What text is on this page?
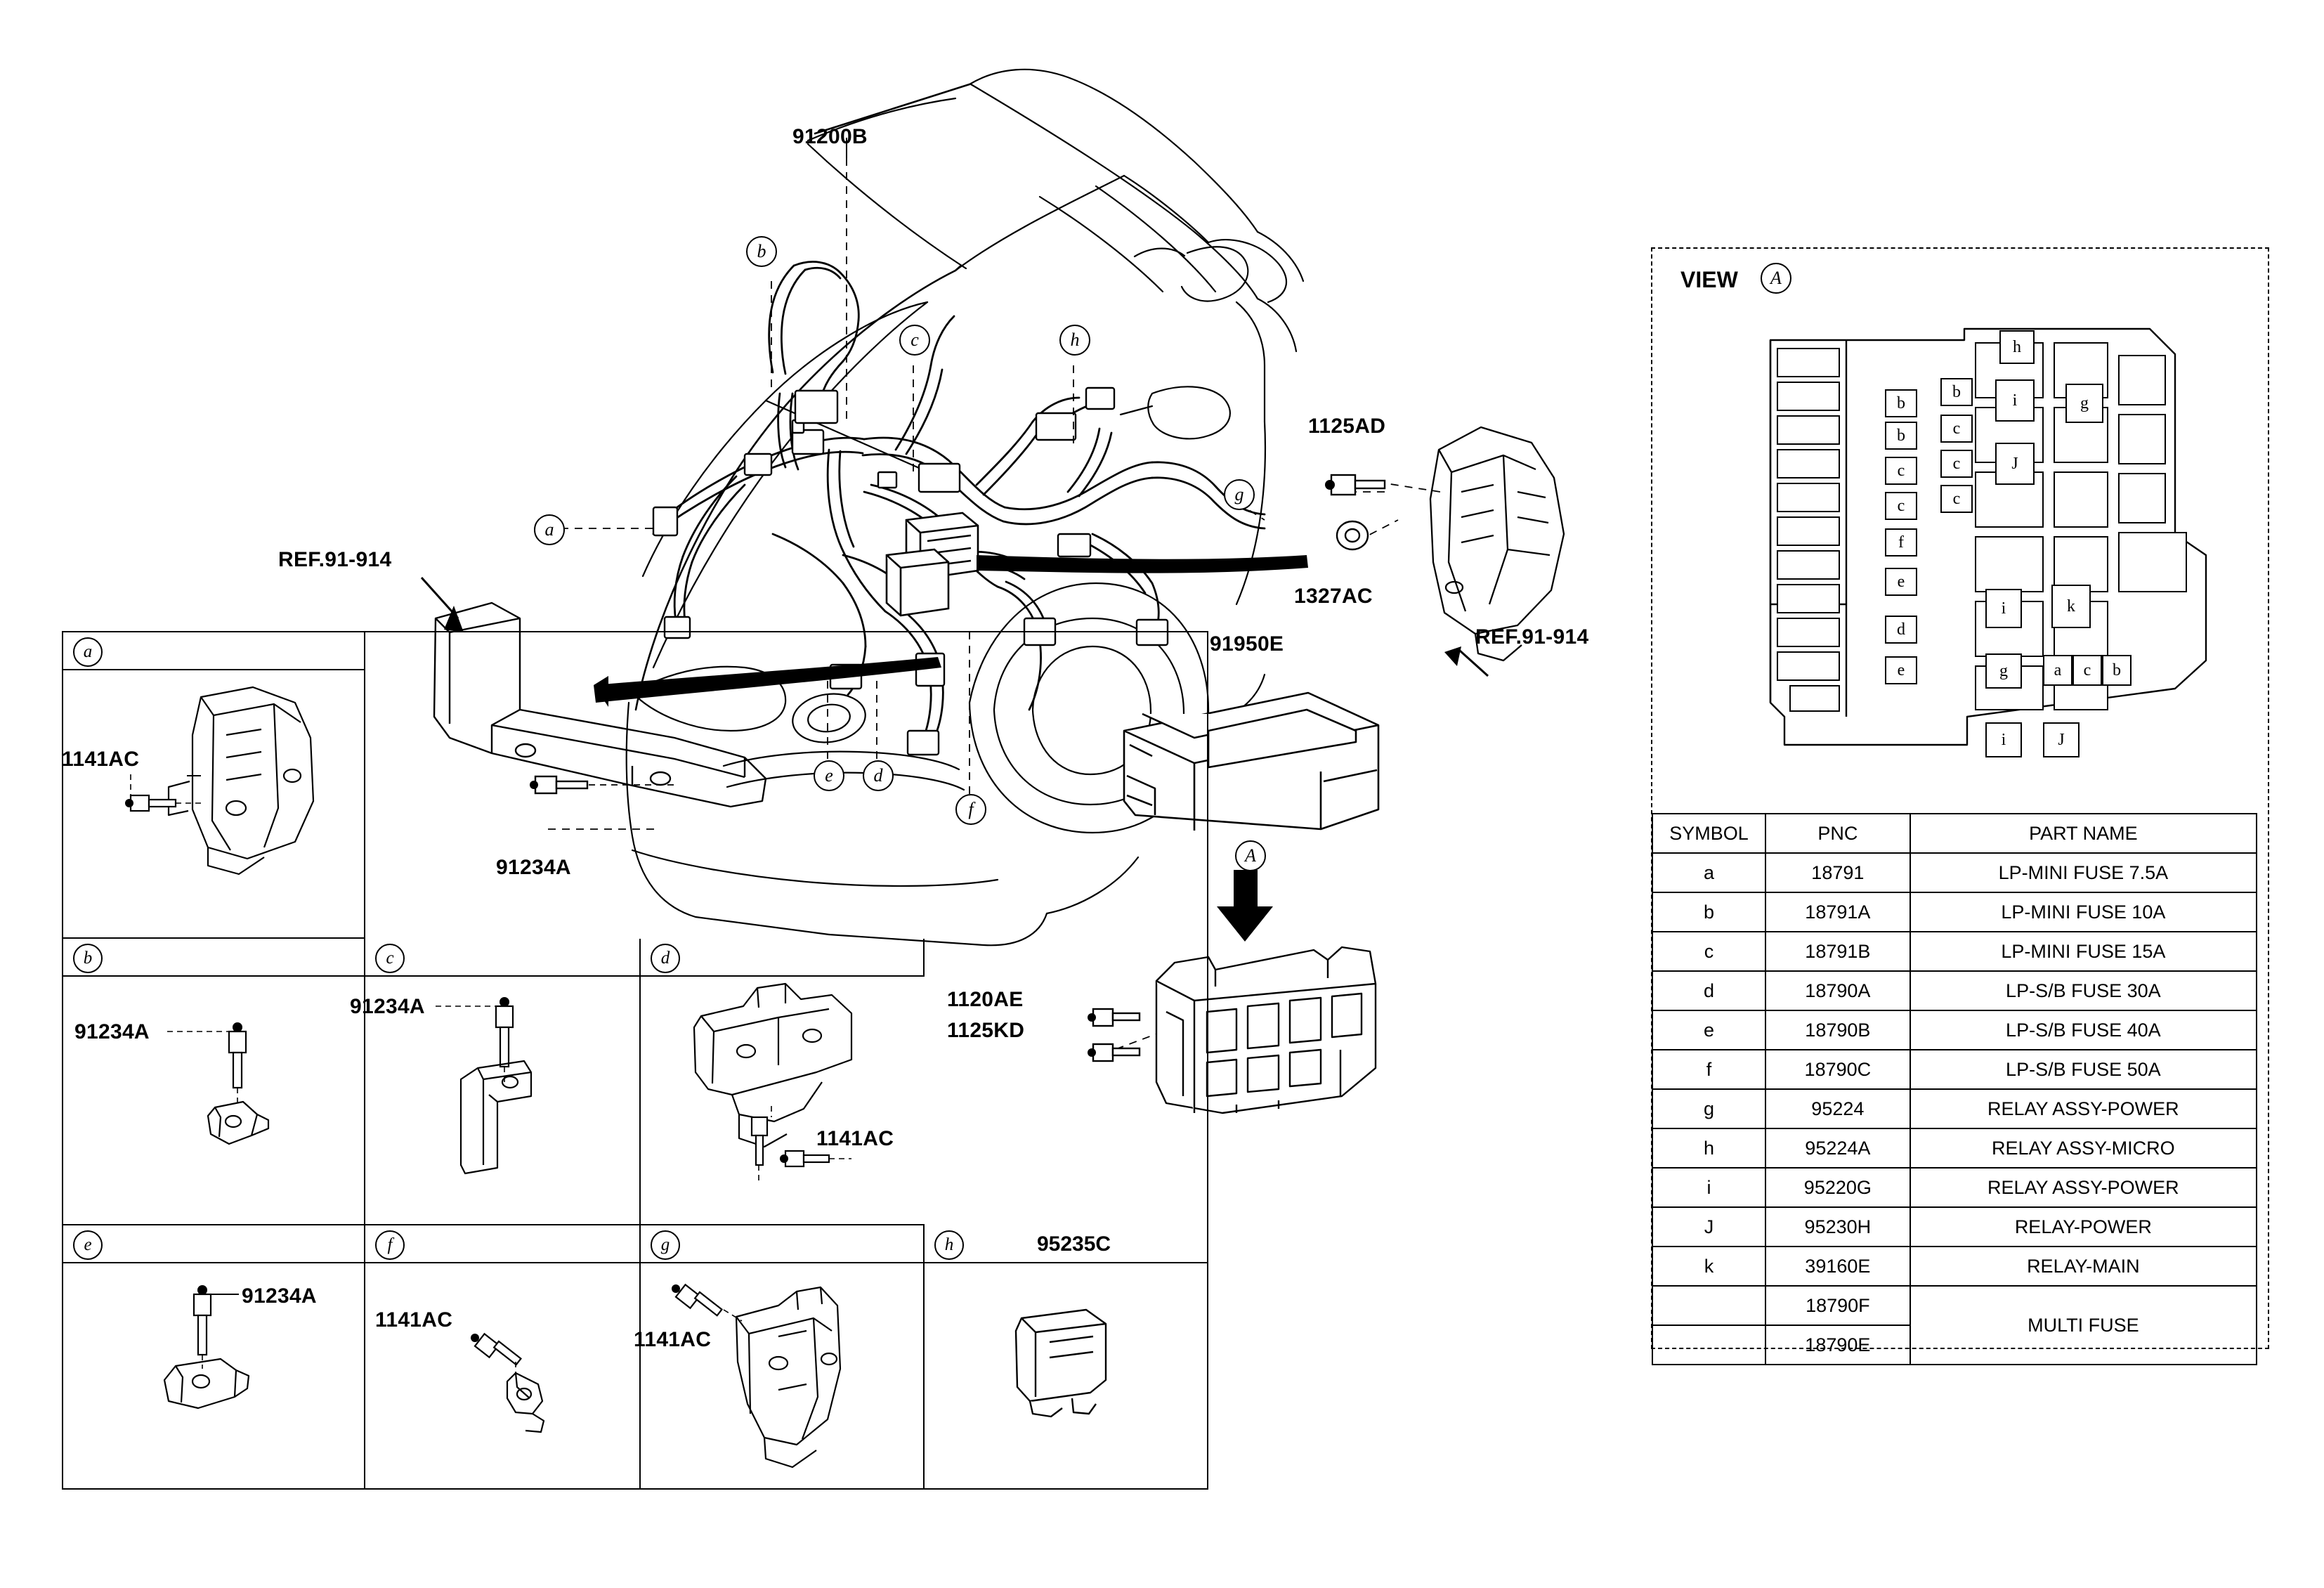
91200B
1125AD
1327AC
91950E
REF.91-914
REF.91-914
91234A
1120AE
1125KD
b
c	h
a
g
e	d
f
A
a
1141AC
b	c	d
91234A
91234A
1141AC
e	f	g	h	95235C
91234A
1141AC
1141AC
VIEW	A
b
b
c
c
f
e
d
e
b
c
c
c
h
i
J
g
i	k
g	a	c	b
i	J
SYMBOL	PNC	PART NAME
a	18791	LP-MINI FUSE 7.5A
b	18791A	LP-MINI FUSE 10A
c	18791B	LP-MINI FUSE 15A
d	18790A	LP-S/B FUSE 30A
e	18790B	LP-S/B FUSE 40A
f	18790C	LP-S/B FUSE 50A
g	95224	RELAY ASSY-POWER
h	95224A	RELAY ASSY-MICRO
i	95220G	RELAY ASSY-POWER
J	95230H	RELAY-POWER
k	39160E	RELAY-MAIN
	18790F	MULTI FUSE
	18790E	
